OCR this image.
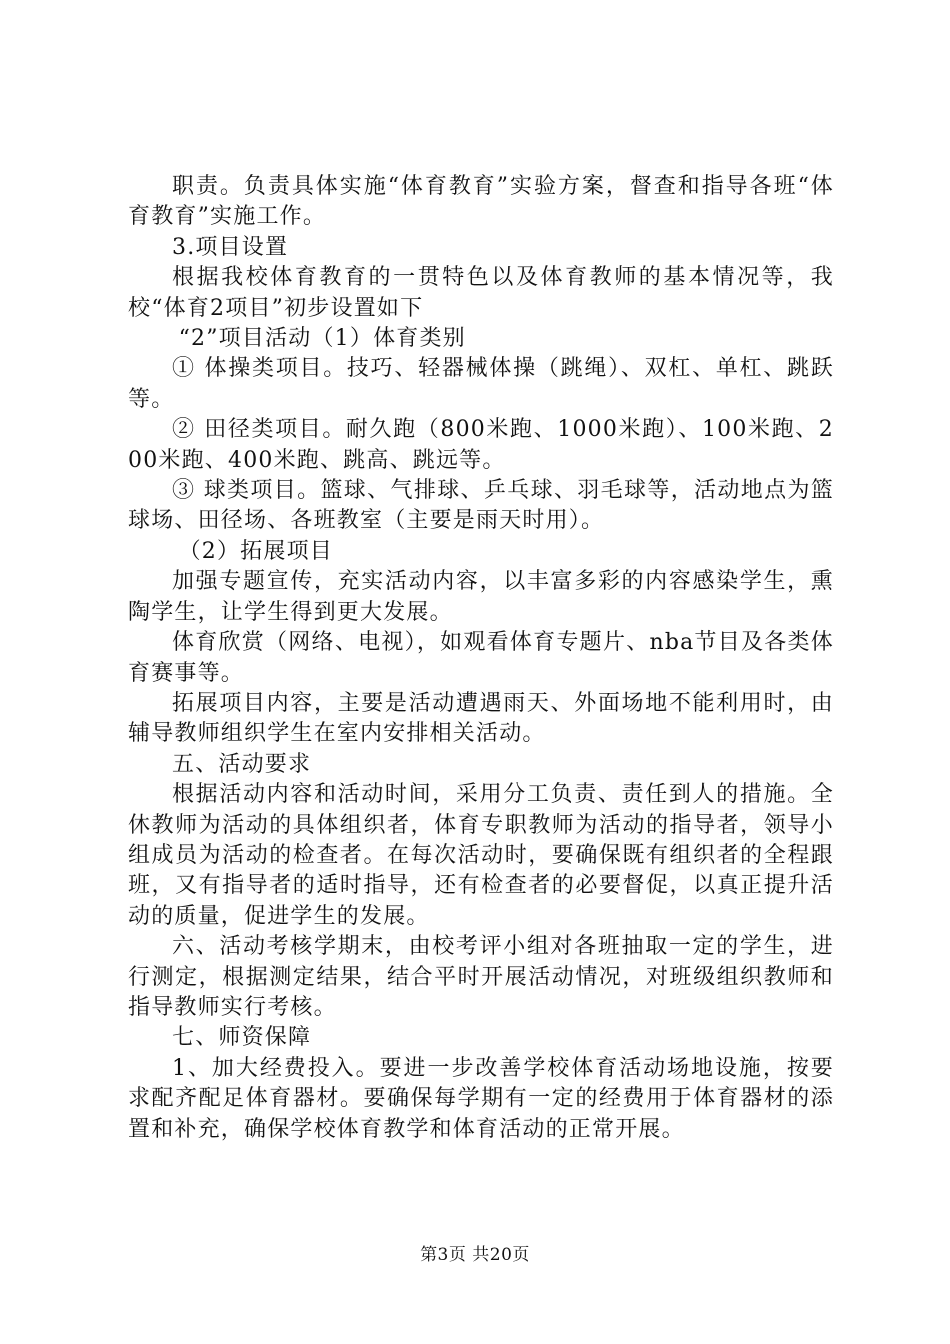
职责。负责具体实施“体育教育”实验方案，督查和指导各班“体育教育”实施工作。

3.项目设置

根据我校体育教育的一贯特色以及体育教师的基本情况等，我校“体育2项目”初步设置如下

“2”项目活动（1）体育类别

① 体操类项目。技巧、轻器械体操（跳绳）、双杠、单杠、跳跃等。

② 田径类项目。耐久跑（800米跑、1000米跑）、100米跑、200米跑、400米跑、跳高、跳远等。

③ 球类项目。篮球、气排球、乒乓球、羽毛球等，活动地点为篮球场、田径场、各班教室（主要是雨天时用）。

（2）拓展项目

加强专题宣传，充实活动内容，以丰富多彩的内容感染学生，熏陶学生，让学生得到更大发展。

体育欣赏（网络、电视），如观看体育专题片、nba节目及各类体育赛事等。

拓展项目内容，主要是活动遭遇雨天、外面场地不能利用时，由辅导教师组织学生在室内安排相关活动。

五、活动要求

根据活动内容和活动时间，采用分工负责、责任到人的措施。全休教师为活动的具体组织者，体育专职教师为活动的指导者，领导小组成员为活动的检查者。在每次活动时，要确保既有组织者的全程跟班，又有指导者的适时指导，还有检查者的必要督促，以真正提升活动的质量，促进学生的发展。

六、活动考核学期末，由校考评小组对各班抽取一定的学生，进行测定，根据测定结果，结合平时开展活动情况，对班级组织教师和指导教师实行考核。

七、师资保障

1、加大经费投入。要进一步改善学校体育活动场地设施，按要求配齐配足体育器材。要确保每学期有一定的经费用于体育器材的添置和补充，确保学校体育教学和体育活动的正常开展。

第3页 共20页
